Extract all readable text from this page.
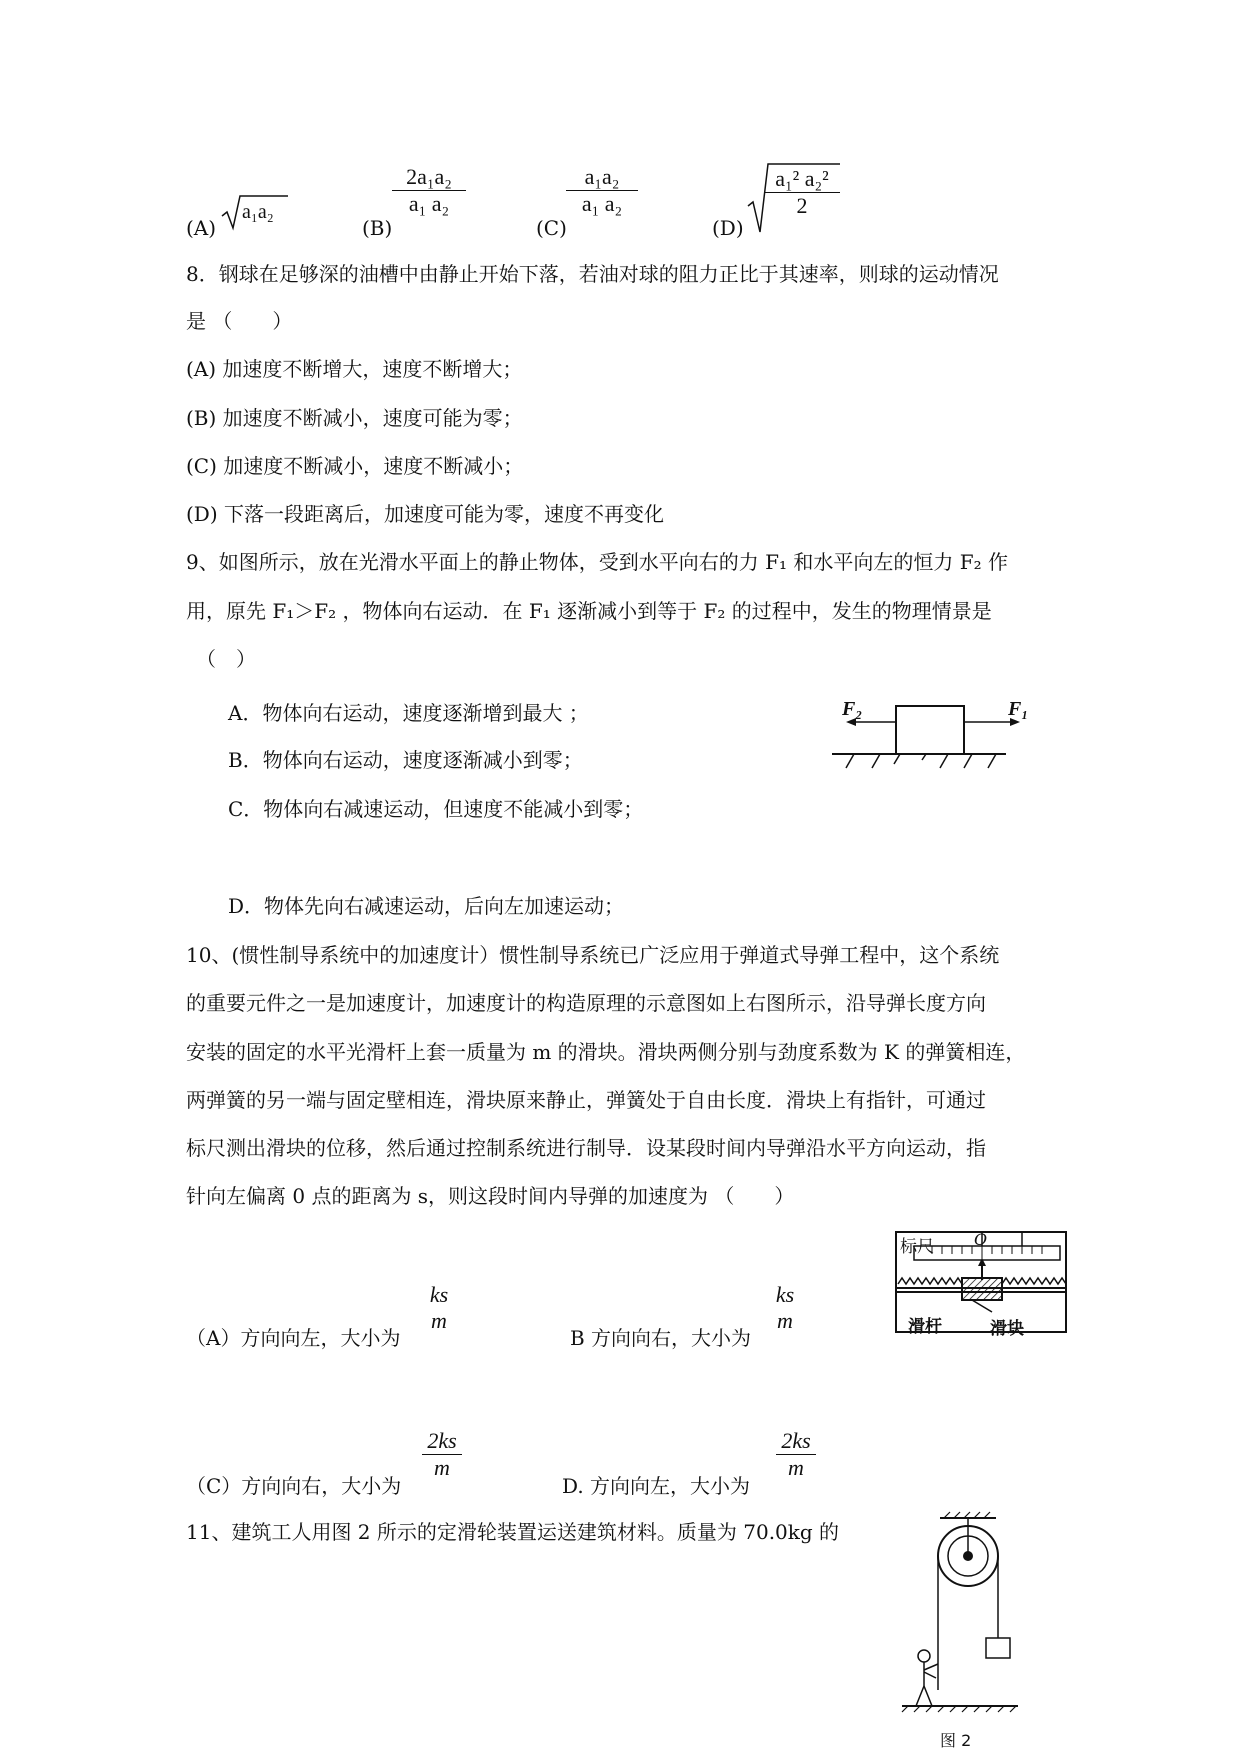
(A)
a₁a₂
(B)
2a₁a₂
a₁ a₂
(C)
a₁a₂
a₁ a₂
(D)
a₁² a₂²
2
8．钢球在足够深的油槽中由静止开始下落，若油对球的阻力正比于其速率，则球的运动情况
是 （　　）
(A) 加速度不断增大，速度不断增大；
(B) 加速度不断减小，速度可能为零；
(C) 加速度不断减小，速度不断减小；
(D) 下落一段距离后，加速度可能为零，速度不再变化
9、如图所示，放在光滑水平面上的静止物体，受到水平向右的力 F₁ 和水平向左的恒力 F₂ 作
用，原先 F₁＞F₂ ，物体向右运动．在 F₁ 逐渐减小到等于 F₂ 的过程中，发生的物理情景是
（　）
A．物体向右运动，速度逐渐增到最大 ；
B．物体向右运动，速度逐渐减小到零；
C．物体向右减速运动，但速度不能减小到零；
D．物体先向右减速运动，后向左加速运动；
F₂	F₁
10、(惯性制导系统中的加速度计）惯性制导系统已广泛应用于弹道式导弹工程中，这个系统
的重要元件之一是加速度计，加速度计的构造原理的示意图如上右图所示，沿导弹长度方向
安装的固定的水平光滑杆上套一质量为 m 的滑块。滑块两侧分别与劲度系数为 K 的弹簧相连，
两弹簧的另一端与固定壁相连，滑块原来静止，弹簧处于自由长度．滑块上有指针，可通过
标尺测出滑块的位移，然后通过控制系统进行制导．设某段时间内导弹沿水平方向运动，指
针向左偏离 0 点的距离为 s，则这段时间内导弹的加速度为 （　　）
（A）方向向左，大小为
ks
m
B 方向向右，大小为
ks
m
（C）方向向右，大小为
2ks
m
D. 方向向左，大小为
2ks
m
标尺	O
滑杆	滑块
11、建筑工人用图 2 所示的定滑轮装置运送建筑材料。质量为 70.0kg 的
图 2
